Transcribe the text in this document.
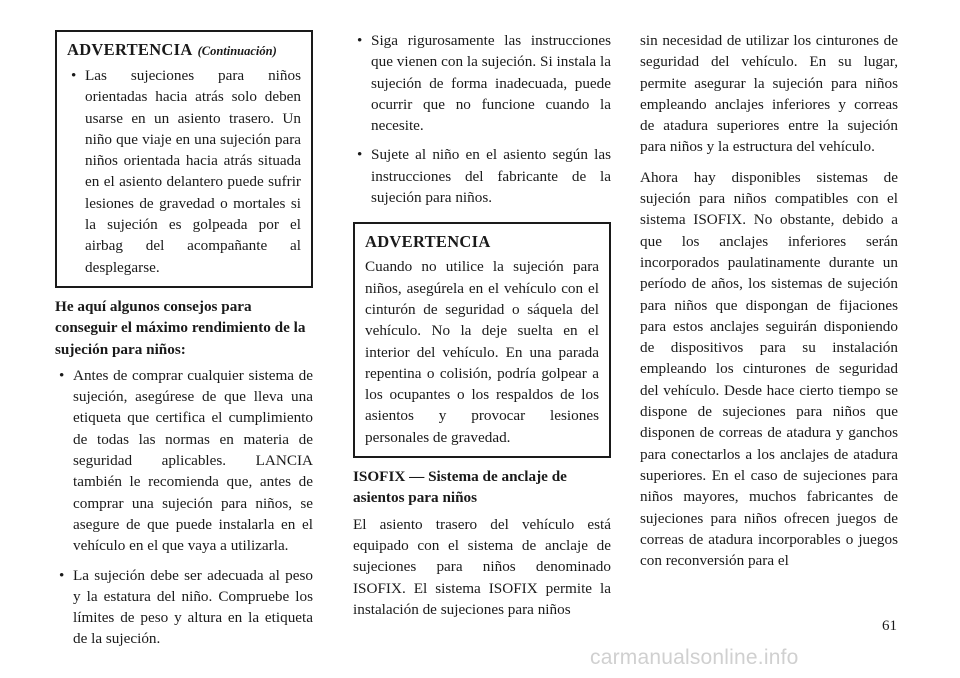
ADVERTENCIA (Continuación)
• Las sujeciones para niños orientadas hacia atrás solo deben usarse en un asiento trasero. Un niño que viaje en una sujeción para niños orientada hacia atrás situada en el asiento delantero puede sufrir lesiones de gravedad o mortales si la sujeción es golpeada por el airbag del acompañante al desplegarse.
He aquí algunos consejos para conseguir el máximo rendimiento de la sujeción para niños:
• Antes de comprar cualquier sistema de sujeción, asegúrese de que lleva una etiqueta que certifica el cumplimiento de todas las normas en materia de seguridad aplicables. LANCIA también le recomienda que, antes de comprar una sujeción para niños, se asegure de que puede instalarla en el vehículo en el que vaya a utilizarla.
• La sujeción debe ser adecuada al peso y la estatura del niño. Compruebe los límites de peso y altura en la etiqueta de la sujeción.
• Siga rigurosamente las instrucciones que vienen con la sujeción. Si instala la sujeción de forma inadecuada, puede ocurrir que no funcione cuando la necesite.
• Sujete al niño en el asiento según las instrucciones del fabricante de la sujeción para niños.
ADVERTENCIA

Cuando no utilice la sujeción para niños, asegúrela en el vehículo con el cinturón de seguridad o sáquela del vehículo. No la deje suelta en el interior del vehículo. En una parada repentina o colisión, podría golpear a los ocupantes o los respaldos de los asientos y provocar lesiones personales de gravedad.

ISOFIX — Sistema de anclaje de asientos para niños

El asiento trasero del vehículo está equipado con el sistema de anclaje de sujeciones para niños denominado ISOFIX. El sistema ISOFIX permite la instalación de sujeciones para niños

sin necesidad de utilizar los cinturones de seguridad del vehículo. En su lugar, permite asegurar la sujeción para niños empleando anclajes inferiores y correas de atadura superiores entre la sujeción para niños y la estructura del vehículo.

Ahora hay disponibles sistemas de sujeción para niños compatibles con el sistema ISOFIX. No obstante, debido a que los anclajes inferiores serán incorporados paulatinamente durante un período de años, los sistemas de sujeción para niños que dispongan de fijaciones para estos anclajes seguirán disponiendo de dispositivos para su instalación empleando los cinturones de seguridad del vehículo. Desde hace cierto tiempo se dispone de sujeciones para niños que disponen de correas de atadura y ganchos para conectarlos a los anclajes de atadura superiores. En el caso de sujeciones para niños mayores, muchos fabricantes de sujeciones para niños ofrecen juegos de correas de atadura incorporables o juegos con reconversión para el

61
carmanualsonline.info
